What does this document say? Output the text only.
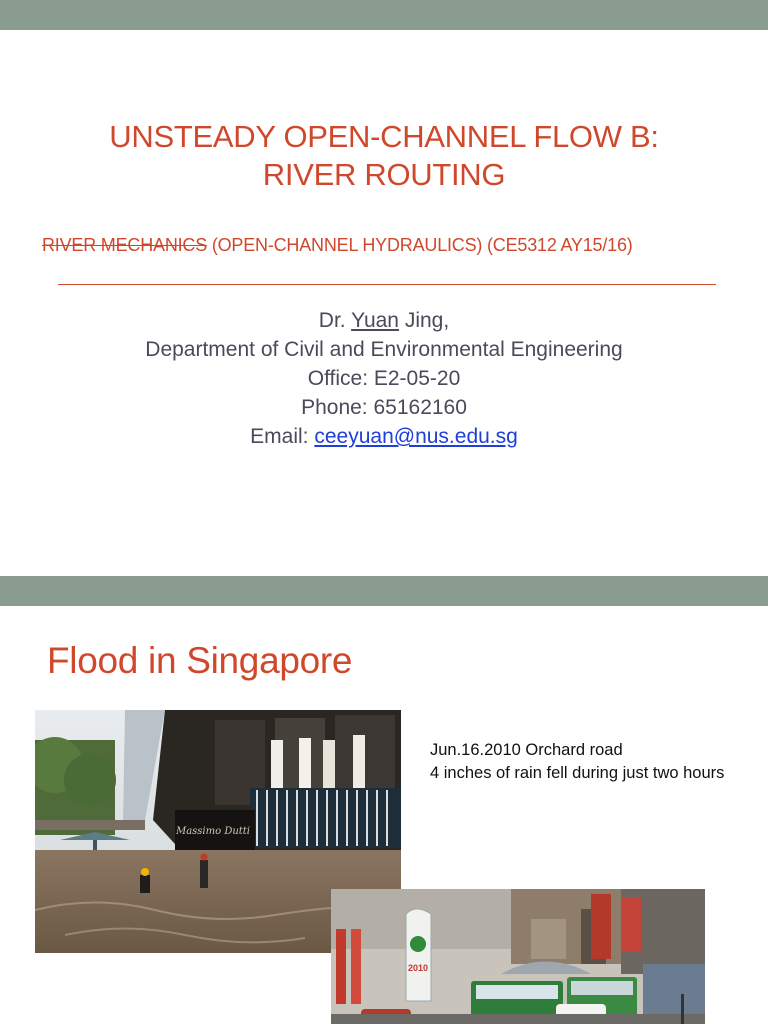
UNSTEADY OPEN-CHANNEL FLOW B:
RIVER ROUTING
RIVER MECHANICS (OPEN-CHANNEL HYDRAULICS) (CE5312 AY15/16)
Dr. Yuan Jing,
Department of Civil and Environmental Engineering
Office: E2-05-20
Phone: 65162160
Email: ceeyuan@nus.edu.sg
Flood in Singapore
Jun.16.2010 Orchard road
4 inches of rain fell during just two hours
Massimo Dutti
2010
